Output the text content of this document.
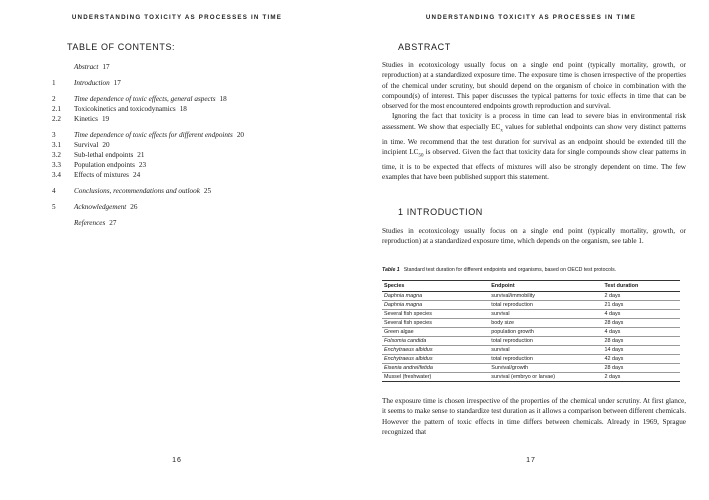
UNDERSTANDING TOXICITY AS PROCESSES IN TIME
TABLE OF CONTENTS:
Abstract 17
1	Introduction 17
2	Time dependence of toxic effects, general aspects 18
2.1 Toxicokinetics and toxicodynamics 18
2.2 Kinetics 19
3	Time dependence of toxic effects for different endpoints 20
3.1 Survival 20
3.2 Sub-lethal endpoints 21
3.3 Population endpoints 23
3.4 Effects of mixtures 24
4	Conclusions, recommendations and outlook 25
5	Acknowledgement 26
References 27
16
UNDERSTANDING TOXICITY AS PROCESSES IN TIME
ABSTRACT

Studies in ecotoxicology usually focus on a single end point (typically mortality, growth, or reproduction) at a standardized exposure time. The exposure time is chosen irrespective of the properties of the chemical under scrutiny, but should depend on the organism of choice in combination with the compound(s) of interest. This paper discusses the typical patterns for toxic effects in time that can be observed for the most encountered endpoints growth reproduction and survival.

Ignoring the fact that toxicity is a process in time can lead to severe bias in environmental risk assessment. We show that especially $EC_x$ values for sublethal endpoints can show very distinct patterns in time. We recommend that the test duration for survival as an endpoint should be extended till the incipient $LC_{50}$ is observed. Given the fact that toxicity data for single compounds show clear patterns in time, it is to be expected that effects of mixtures will also be strongly dependent on time. The few examples that have been published support this statement.

1 INTRODUCTION

Studies in ecotoxicology usually focus on a single end point (typically mortality, growth, or reproduction) at a standardized exposure time, which depends on the organism, see table 1.

Table 1 Standard test duration for different endpoints and organisms, based on OECD test protocols.
Species	Endpoint	Test duration
Daphnia magna	survival/immobility	2 days
Daphnia magna	total reproduction	21 days
Several fish species	survival	4 days
Several fish species	body size	28 days
Green algae	population growth	4 days
Folsomia candida	total reproduction	28 days
Enchytraeus albidus	survival	14 days
Enchytraeus albidus	total reproduction	42 days
Eisenia andrei/fetida	Survival/growth	28 days
Mussel (freshwater)	survival (embryo or larvae)	2 days

The exposure time is chosen irrespective of the properties of the chemical under scrutiny. At first glance, it seems to make sense to standardize test duration as it allows a comparison between different chemicals. However the pattern of toxic effects in time differs between chemicals. Already in 1969, Sprague recognized that

17
